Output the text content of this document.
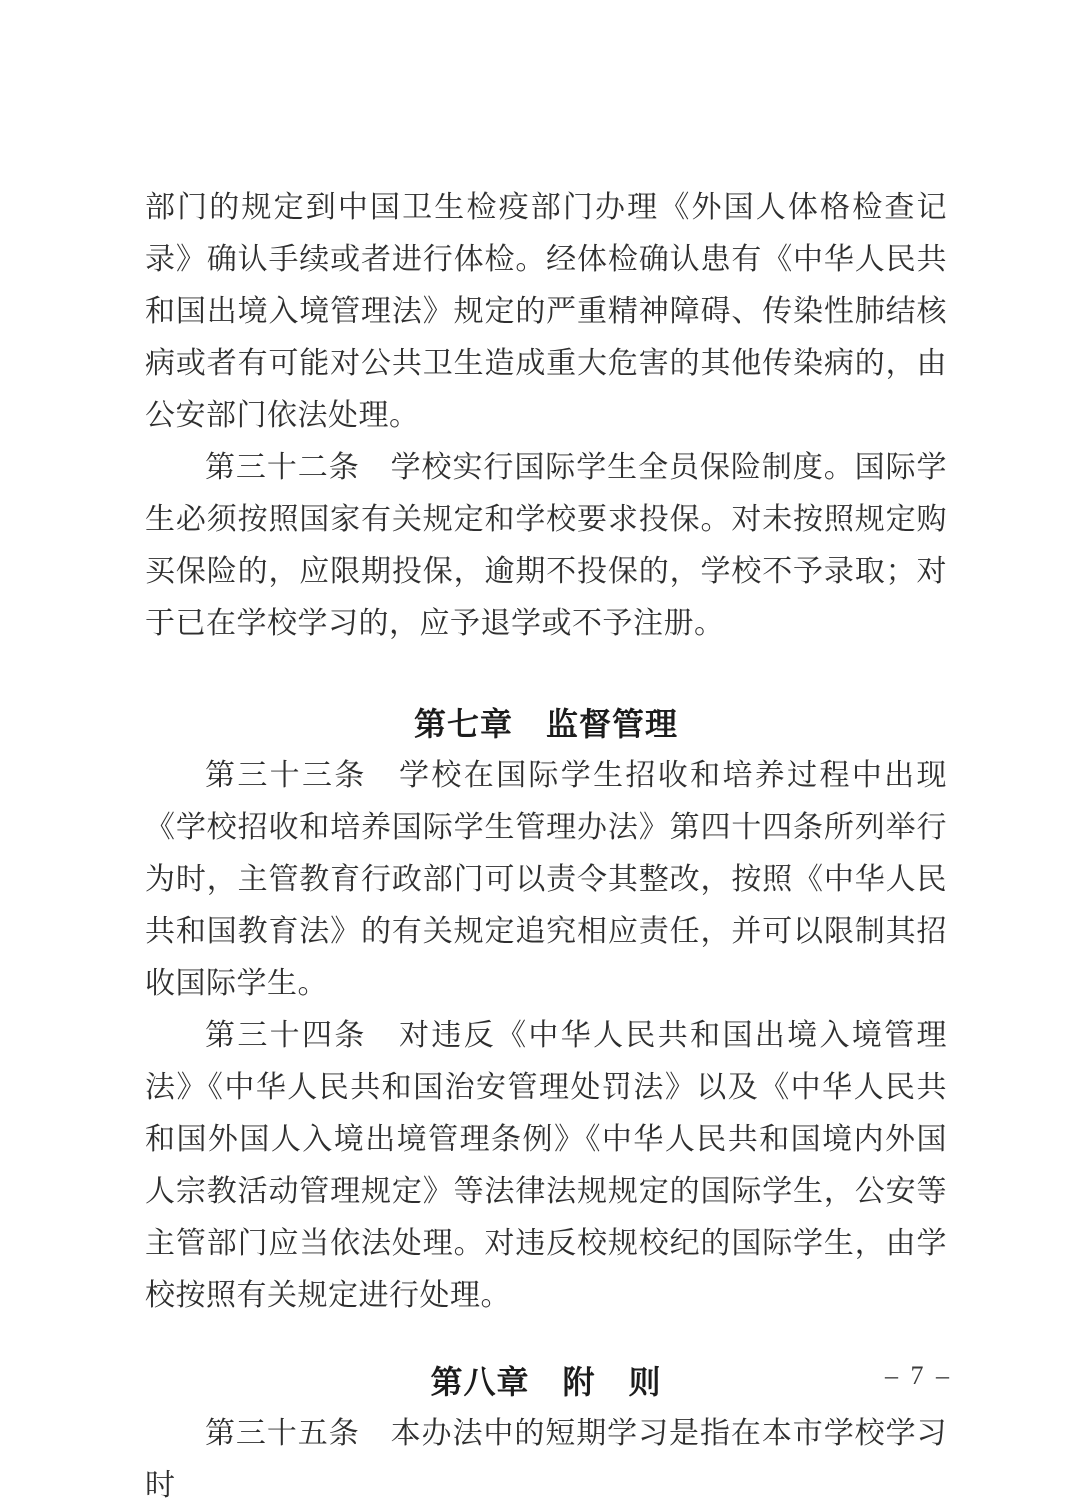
部门的规定到中国卫生检疫部门办理《外国人体格检查记录》确认手续或者进行体检。经体检确认患有《中华人民共和国出境入境管理法》规定的严重精神障碍、传染性肺结核病或者有可能对公共卫生造成重大危害的其他传染病的，由公安部门依法处理。

第三十二条　学校实行国际学生全员保险制度。国际学生必须按照国家有关规定和学校要求投保。对未按照规定购买保险的，应限期投保，逾期不投保的，学校不予录取；对于已在学校学习的，应予退学或不予注册。

第七章　监督管理

第三十三条　学校在国际学生招收和培养过程中出现《学校招收和培养国际学生管理办法》第四十四条所列举行为时，主管教育行政部门可以责令其整改，按照《中华人民共和国教育法》的有关规定追究相应责任，并可以限制其招收国际学生。

第三十四条　对违反《中华人民共和国出境入境管理法》《中华人民共和国治安管理处罚法》以及《中华人民共和国外国人入境出境管理条例》《中华人民共和国境内外国人宗教活动管理规定》等法律法规规定的国际学生，公安等主管部门应当依法处理。对违反校规校纪的国际学生，由学校按照有关规定进行处理。

第八章　附　则

第三十五条　本办法中的短期学习是指在本市学校学习时

– 7 –
